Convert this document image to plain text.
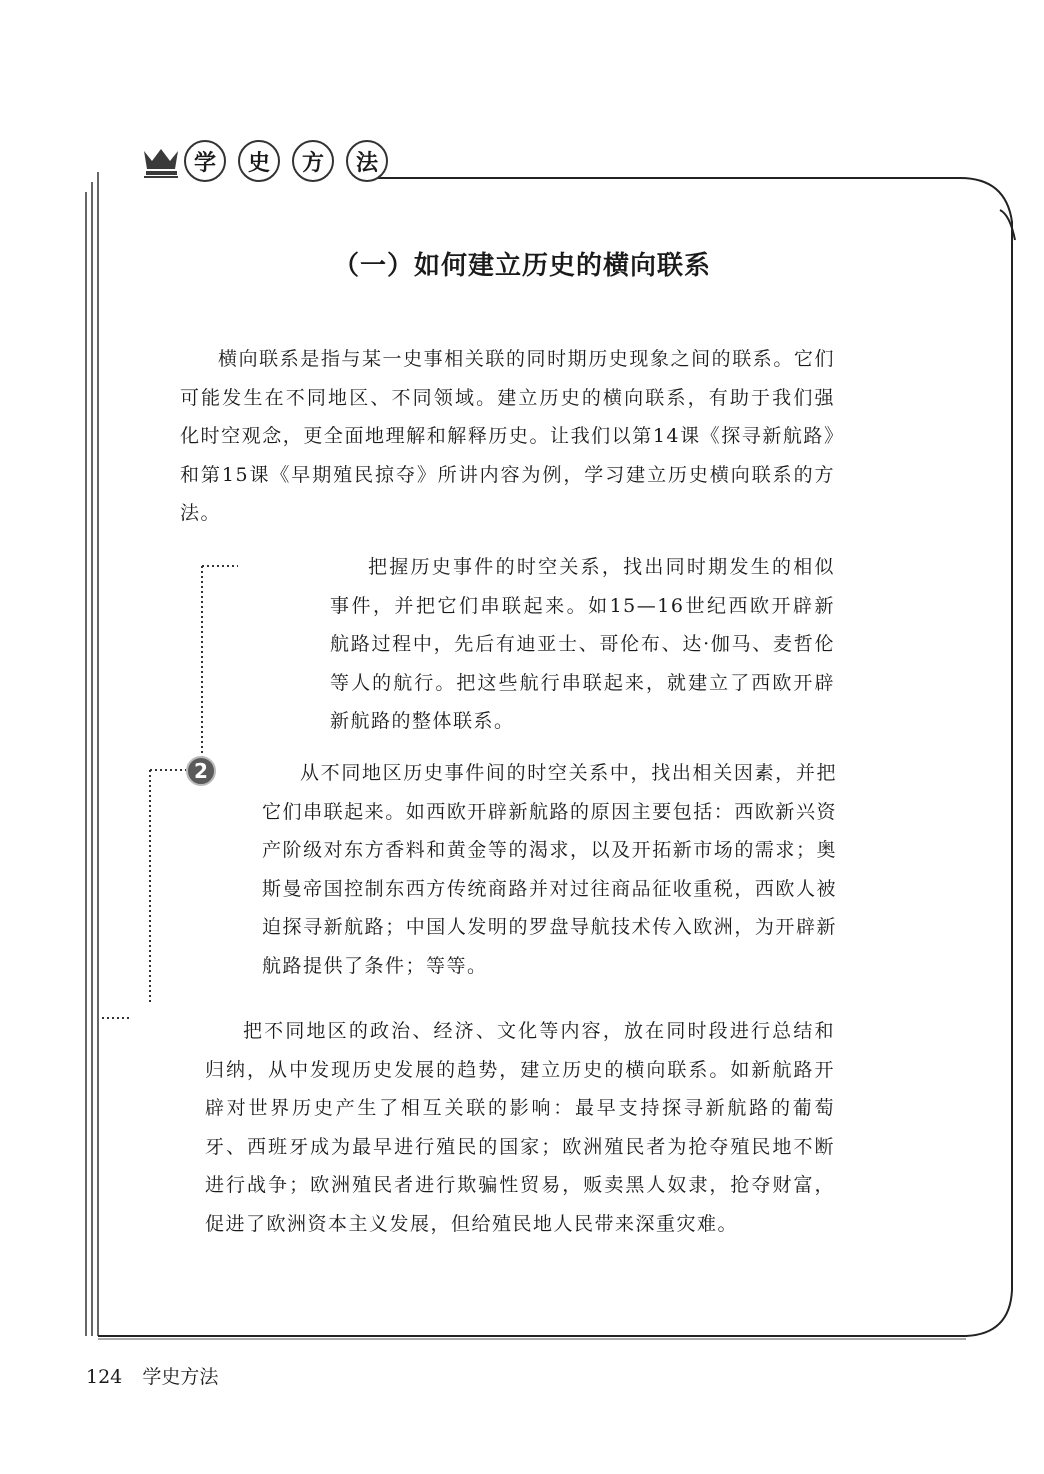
学	史	方	法
（一）如何建立历史的横向联系
横向联系是指与某一史事相关联的同时期历史现象之间的联系。它们可能发生在不同地区、不同领域。建立历史的横向联系，有助于我们强化时空观念，更全面地理解和解释历史。让我们以第14课《探寻新航路》和第15课《早期殖民掠夺》所讲内容为例，学习建立历史横向联系的方法。
把握历史事件的时空关系，找出同时期发生的相似事件，并把它们串联起来。如15—16世纪西欧开辟新航路过程中，先后有迪亚士、哥伦布、达·伽马、麦哲伦等人的航行。把这些航行串联起来，就建立了西欧开辟新航路的整体联系。
2	从不同地区历史事件间的时空关系中，找出相关因素，并把它们串联起来。如西欧开辟新航路的原因主要包括：西欧新兴资产阶级对东方香料和黄金等的渴求，以及开拓新市场的需求；奥斯曼帝国控制东西方传统商路并对过往商品征收重税，西欧人被迫探寻新航路；中国人发明的罗盘导航技术传入欧洲，为开辟新航路提供了条件；等等。
把不同地区的政治、经济、文化等内容，放在同时段进行总结和归纳，从中发现历史发展的趋势，建立历史的横向联系。如新航路开辟对世界历史产生了相互关联的影响：最早支持探寻新航路的葡萄牙、西班牙成为最早进行殖民的国家；欧洲殖民者为抢夺殖民地不断进行战争；欧洲殖民者进行欺骗性贸易，贩卖黑人奴隶，抢夺财富，促进了欧洲资本主义发展，但给殖民地人民带来深重灾难。
124 学史方法
